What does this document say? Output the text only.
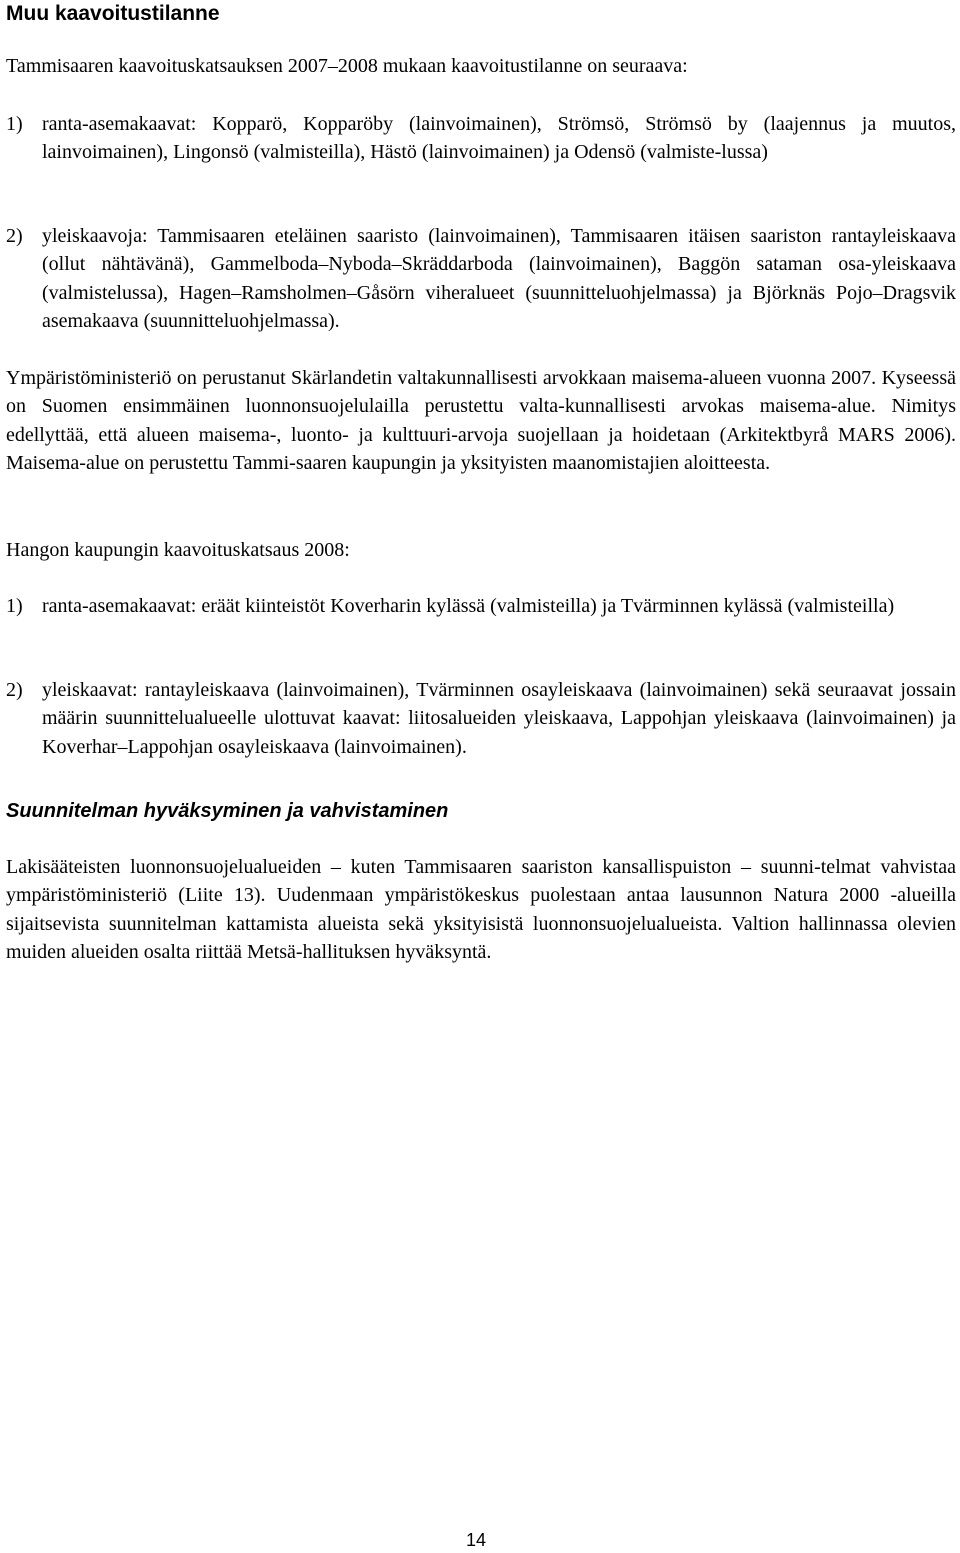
Muu kaavoitustilanne

Tammisaaren kaavoituskatsauksen 2007–2008 mukaan kaavoitustilanne on seuraava:

1) ranta-asemakaavat: Kopparö, Kopparöby (lainvoimainen), Strömsö, Strömsö by (laajennus ja muutos, lainvoimainen), Lingonsö (valmisteilla), Hästö (lainvoimainen) ja Odensö (valmiste-lussa)
2) yleiskaavoja: Tammisaaren eteläinen saaristo (lainvoimainen), Tammisaaren itäisen saariston rantayleiskaava (ollut nähtävänä), Gammelboda–Nyboda–Skräddarboda (lainvoimainen), Baggön sataman osa-yleiskaava (valmistelussa), Hagen–Ramsholmen–Gåsörn viheralueet (suunnitteluohjelmassa) ja Björknäs Pojo–Dragsvik asemakaava (suunnitteluohjelmassa).

Ympäristöministeriö on perustanut Skärlandetin valtakunnallisesti arvokkaan maisema-alueen vuonna 2007. Kyseessä on Suomen ensimmäinen luonnonsuojelulailla perustettu valta-kunnallisesti arvokas maisema-alue. Nimitys edellyttää, että alueen maisema-, luonto- ja kulttuuri-arvoja suojellaan ja hoidetaan (Arkitektbyrå MARS 2006). Maisema-alue on perustettu Tammi-saaren kaupungin ja yksityisten maanomistajien aloitteesta.

Hangon kaupungin kaavoituskatsaus 2008:

1) ranta-asemakaavat: eräät kiinteistöt Koverharin kylässä (valmisteilla) ja Tvärminnen kylässä (valmisteilla)
2) yleiskaavat: rantayleiskaava (lainvoimainen), Tvärminnen osayleiskaava (lainvoimainen) sekä seuraavat jossain määrin suunnittelualueelle ulottuvat kaavat: liitosalueiden yleiskaava, Lappohjan yleiskaava (lainvoimainen) ja Koverhar–Lappohjan osayleiskaava (lainvoimainen).
Suunnitelman hyväksyminen ja vahvistaminen

Lakisääteisten luonnonsuojelualueiden – kuten Tammisaaren saariston kansallispuiston – suunni-telmat vahvistaa ympäristöministeriö (Liite 13). Uudenmaan ympäristökeskus puolestaan antaa lausunnon Natura 2000 -alueilla sijaitsevista suunnitelman kattamista alueista sekä yksityisistä luonnonsuojelualueista. Valtion hallinnassa olevien muiden alueiden osalta riittää Metsä-hallituksen hyväksyntä.

14
